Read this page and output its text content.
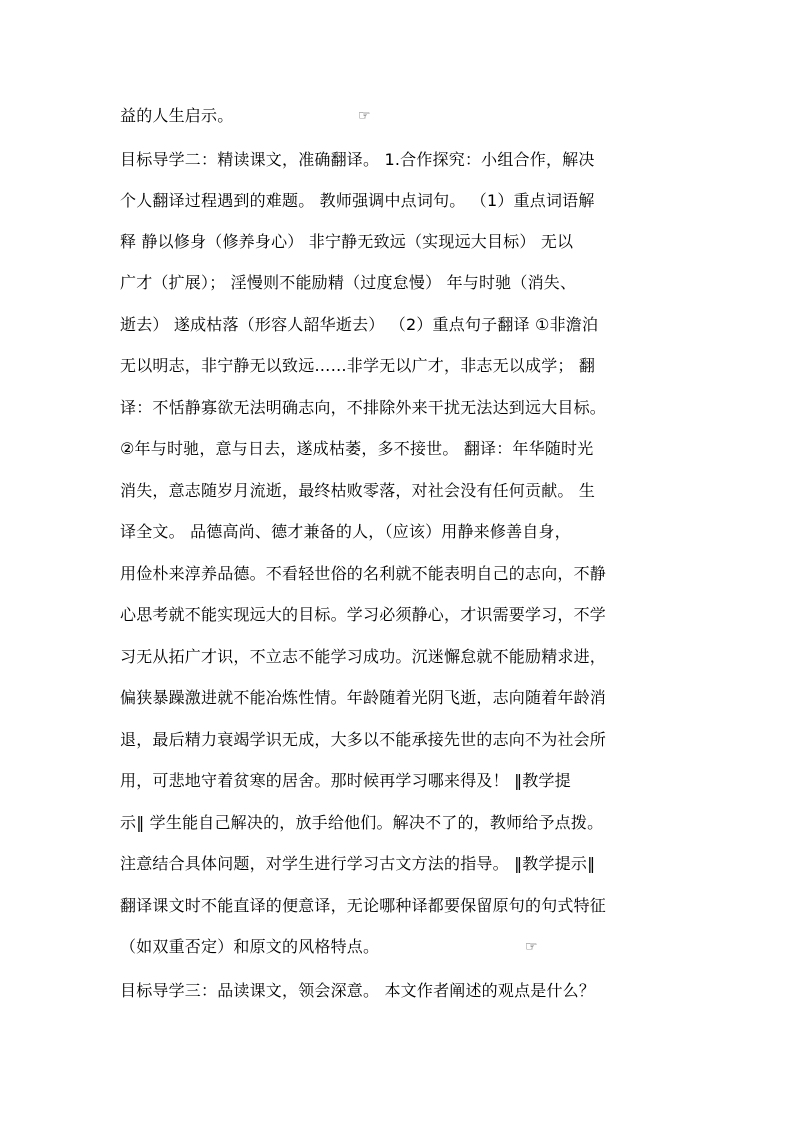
益的人生启示。	☞
目标导学二：精读课文，准确翻译。 1.合作探究：小组合作，解决
个人翻译过程遇到的难题。 教师强调中点词句。 （1）重点词语解
释 静以修身（修养身心） 非宁静无致远（实现远大目标） 无以
广才（扩展）； 淫慢则不能励精（过度怠慢） 年与时驰（消失、
逝去） 遂成枯落（形容人韶华逝去） （2）重点句子翻译 ①非澹泊
无以明志，非宁静无以致远……非学无以广才，非志无以成学； 翻
译：不恬静寡欲无法明确志向，不排除外来干扰无法达到远大目标。
②年与时驰，意与日去，遂成枯萎，多不接世。 翻译：年华随时光
消失，意志随岁月流逝，最终枯败零落，对社会没有任何贡献。 生
译全文。 品德高尚、德才兼备的人，（应该）用静来修善自身，
用俭朴来淳养品德。不看轻世俗的名利就不能表明自己的志向，不静
心思考就不能实现远大的目标。学习必须静心，才识需要学习，不学
习无从拓广才识，不立志不能学习成功。沉迷懈怠就不能励精求进，
偏狭暴躁激进就不能冶炼性情。年龄随着光阴飞逝，志向随着年龄消
退，最后精力衰竭学识无成，大多以不能承接先世的志向不为社会所
用，可悲地守着贫寒的居舍。那时候再学习哪来得及！ ‖教学提
示‖ 学生能自己解决的，放手给他们。解决不了的，教师给予点拨。
注意结合具体问题，对学生进行学习古文方法的指导。 ‖教学提示‖
翻译课文时不能直译的便意译，无论哪种译都要保留原句的句式特征
（如双重否定）和原文的风格特点。	☞
目标导学三：品读课文，领会深意。 本文作者阐述的观点是什么？
